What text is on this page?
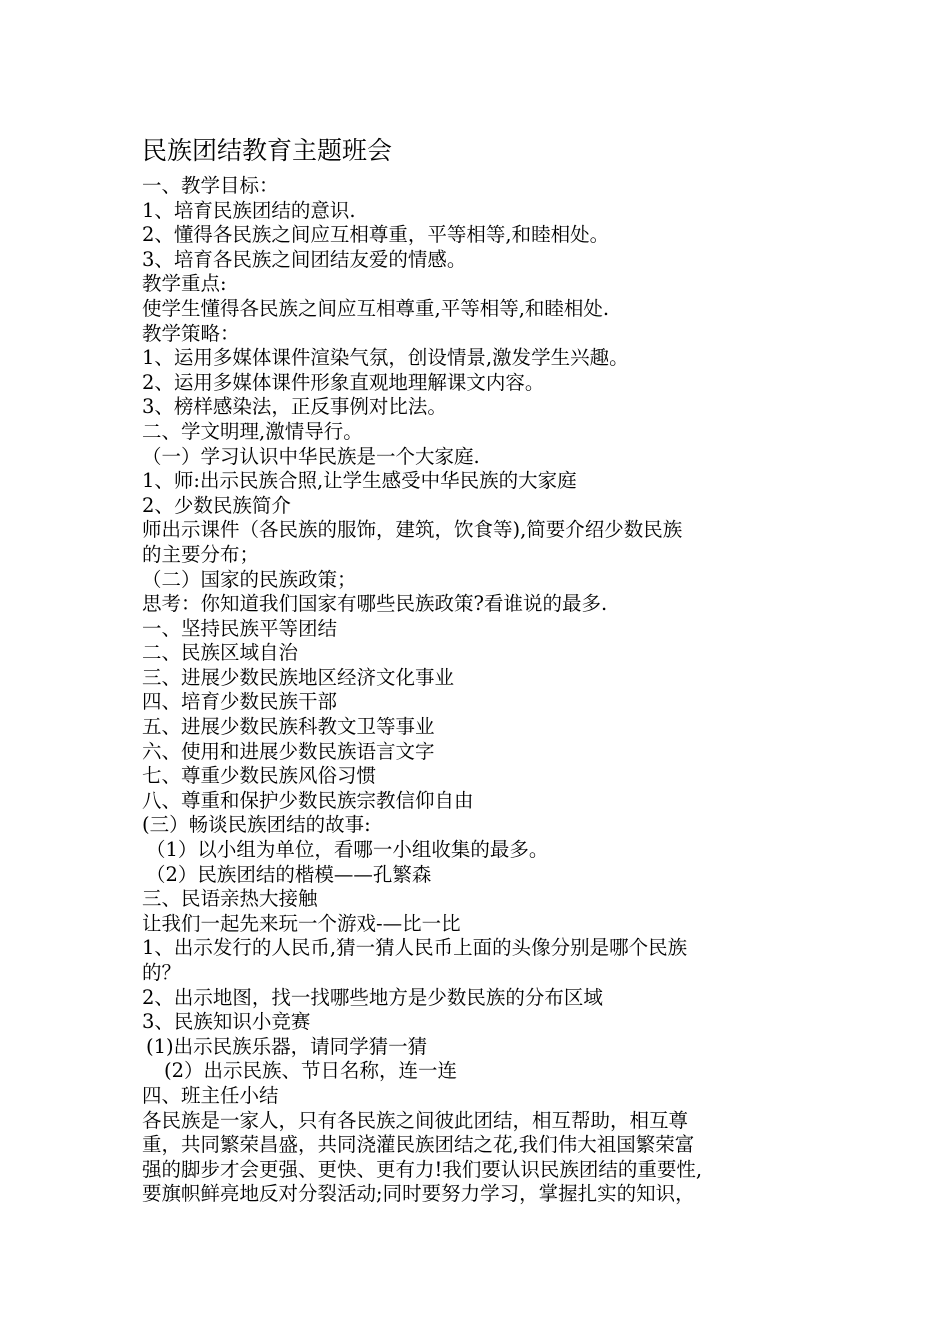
民族团结教育主题班会
一、教学目标：
1、培育民族团结的意识.
2、懂得各民族之间应互相尊重，平等相等,和睦相处。
3、培育各民族之间团结友爱的情感。
教学重点:
使学生懂得各民族之间应互相尊重,平等相等,和睦相处.
教学策略：
1、运用多媒体课件渲染气氛，创设情景,激发学生兴趣。
2、运用多媒体课件形象直观地理解课文内容。
3、榜样感染法，正反事例对比法。
二、学文明理,激情导行。
（一）学习认识中华民族是一个大家庭.
1、师:出示民族合照,让学生感受中华民族的大家庭
2、少数民族简介
师出示课件（各民族的服饰，建筑，饮食等),简要介绍少数民族
的主要分布；
（二）国家的民族政策；
思考：你知道我们国家有哪些民族政策?看谁说的最多.
一、坚持民族平等团结
二、民族区域自治
三、进展少数民族地区经济文化事业
四、培育少数民族干部
五、进展少数民族科教文卫等事业
六、使用和进展少数民族语言文字
七、尊重少数民族风俗习惯
八、尊重和保护少数民族宗教信仰自由
(三）畅谈民族团结的故事:
（1）以小组为单位，看哪一小组收集的最多。
（2）民族团结的楷模——孔繁森
三、民语亲热大接触
让我们一起先来玩一个游戏-—比一比
1、出示发行的人民币,猜一猜人民币上面的头像分别是哪个民族
的？
2、出示地图，找一找哪些地方是少数民族的分布区域
3、民族知识小竞赛
(1)出示民族乐器，请同学猜一猜
(2）出示民族、节日名称，连一连
四、班主任小结
各民族是一家人，只有各民族之间彼此团结，相互帮助，相互尊
重，共同繁荣昌盛，共同浇灌民族团结之花,我们伟大祖国繁荣富
强的脚步才会更强、更快、更有力!我们要认识民族团结的重要性,
要旗帜鲜亮地反对分裂活动;同时要努力学习，掌握扎实的知识，
